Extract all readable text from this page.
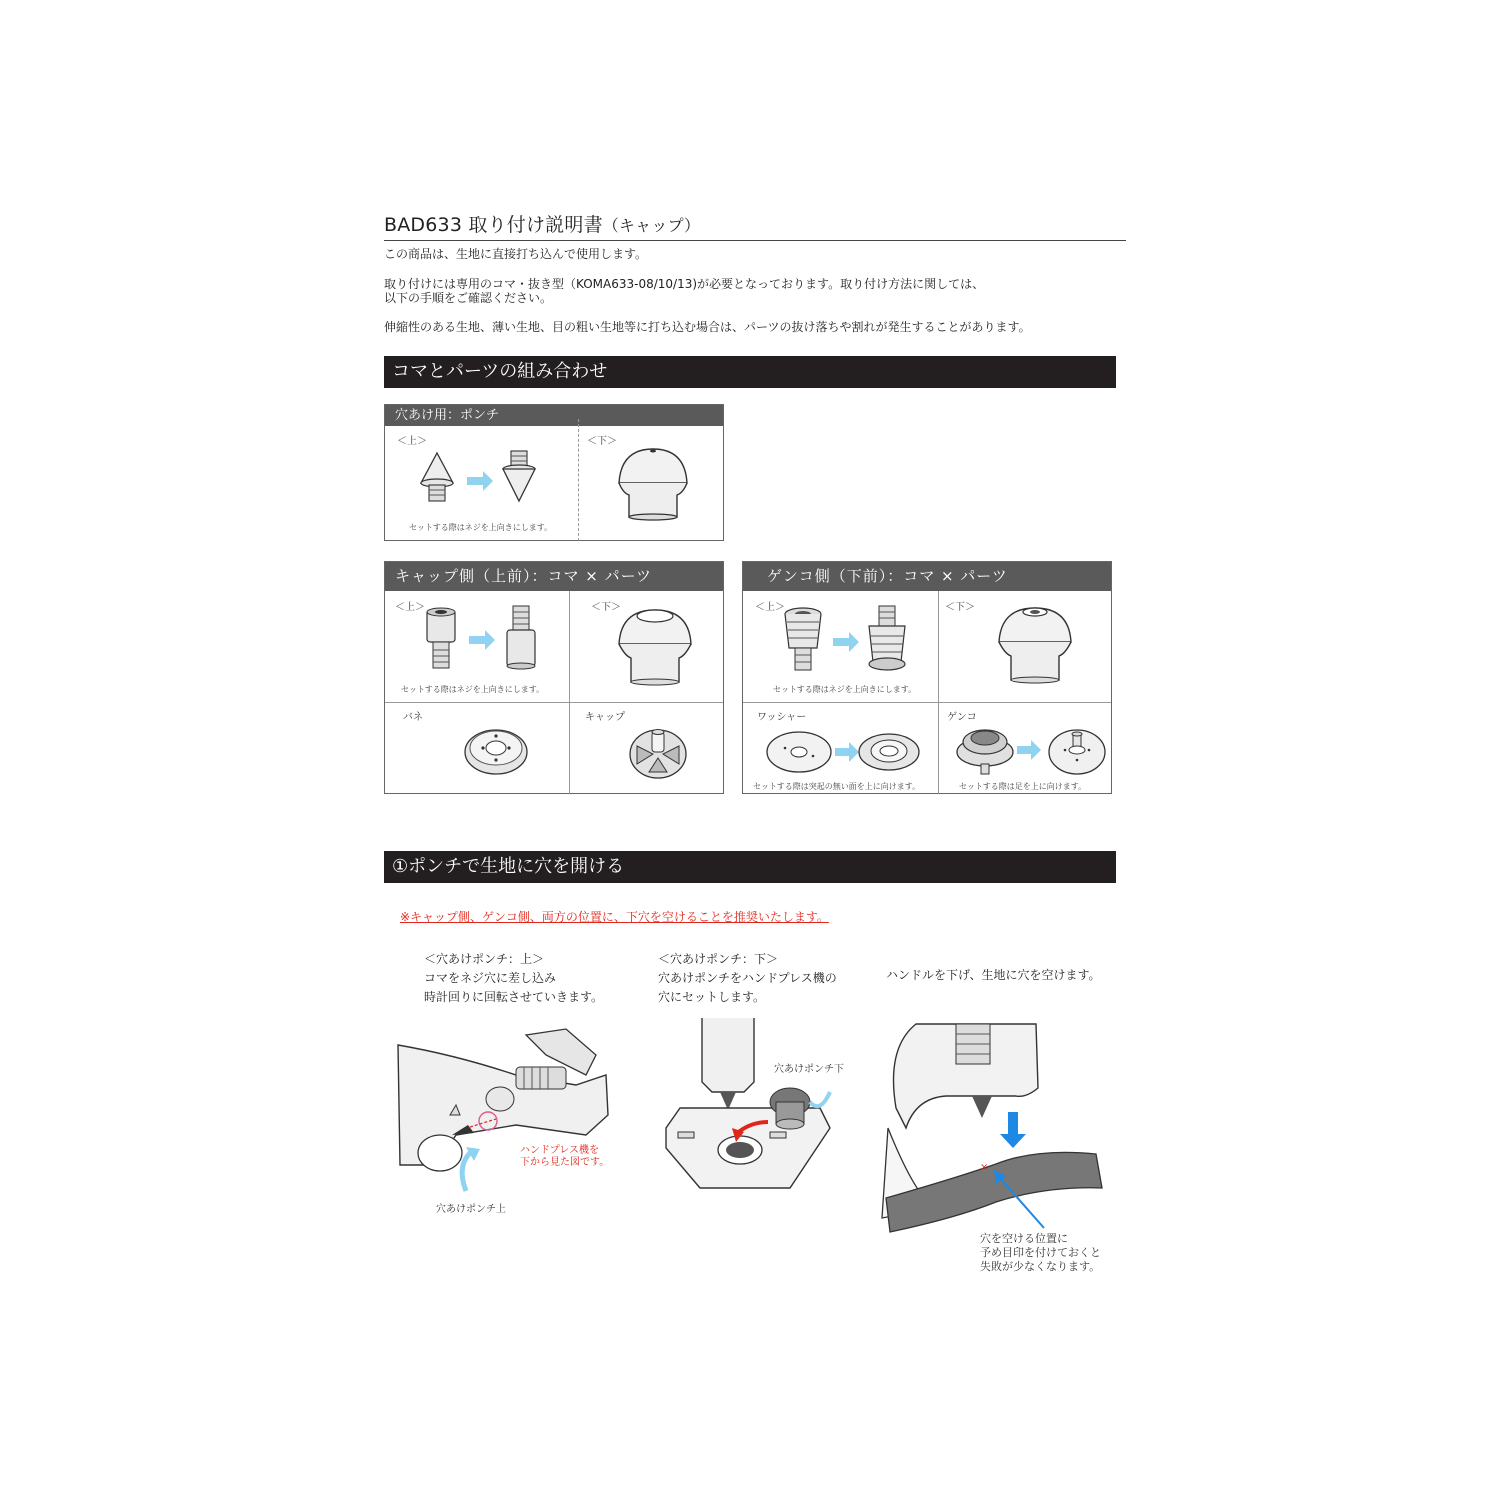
BAD633 取り付け説明書（キャップ）
この商品は、生地に直接打ち込んで使用します。
取り付けには専用のコマ・抜き型（KOMA633-08/10/13)が必要となっております。取り付け方法に関しては、
以下の手順をご確認ください。
伸縮性のある生地、薄い生地、目の粗い生地等に打ち込む場合は、パーツの抜け落ちや割れが発生することがあります。
コマとパーツの組み合わせ
穴あけ用：ポンチ
＜上＞	＜下＞
セットする際はネジを上向きにします。
キャップ側（上前）：コマ × パーツ
＜上＞	＜下＞
セットする際はネジを上向きにします。
バネ	キャップ
ゲンコ側（下前）：コマ × パーツ
＜上＞	＜下＞
セットする際はネジを上向きにします。
ワッシャー	ゲンコ
セットする際は突起の無い面を上に向けます。	セットする際は足を上に向けます。
①ポンチで生地に穴を開ける
※キャップ側、ゲンコ側、両方の位置に、下穴を空けることを推奨いたします。
＜穴あけポンチ：上＞
コマをネジ穴に差し込み
時計回りに回転させていきます。
＜穴あけポンチ：下＞
穴あけポンチをハンドプレス機の
穴にセットします。
ハンドルを下げ、生地に穴を空けます。
ハンドプレス機を
下から見た図です。
穴あけポンチ上
穴あけポンチ下
×
穴を空ける位置に
予め目印を付けておくと
失敗が少なくなります。
